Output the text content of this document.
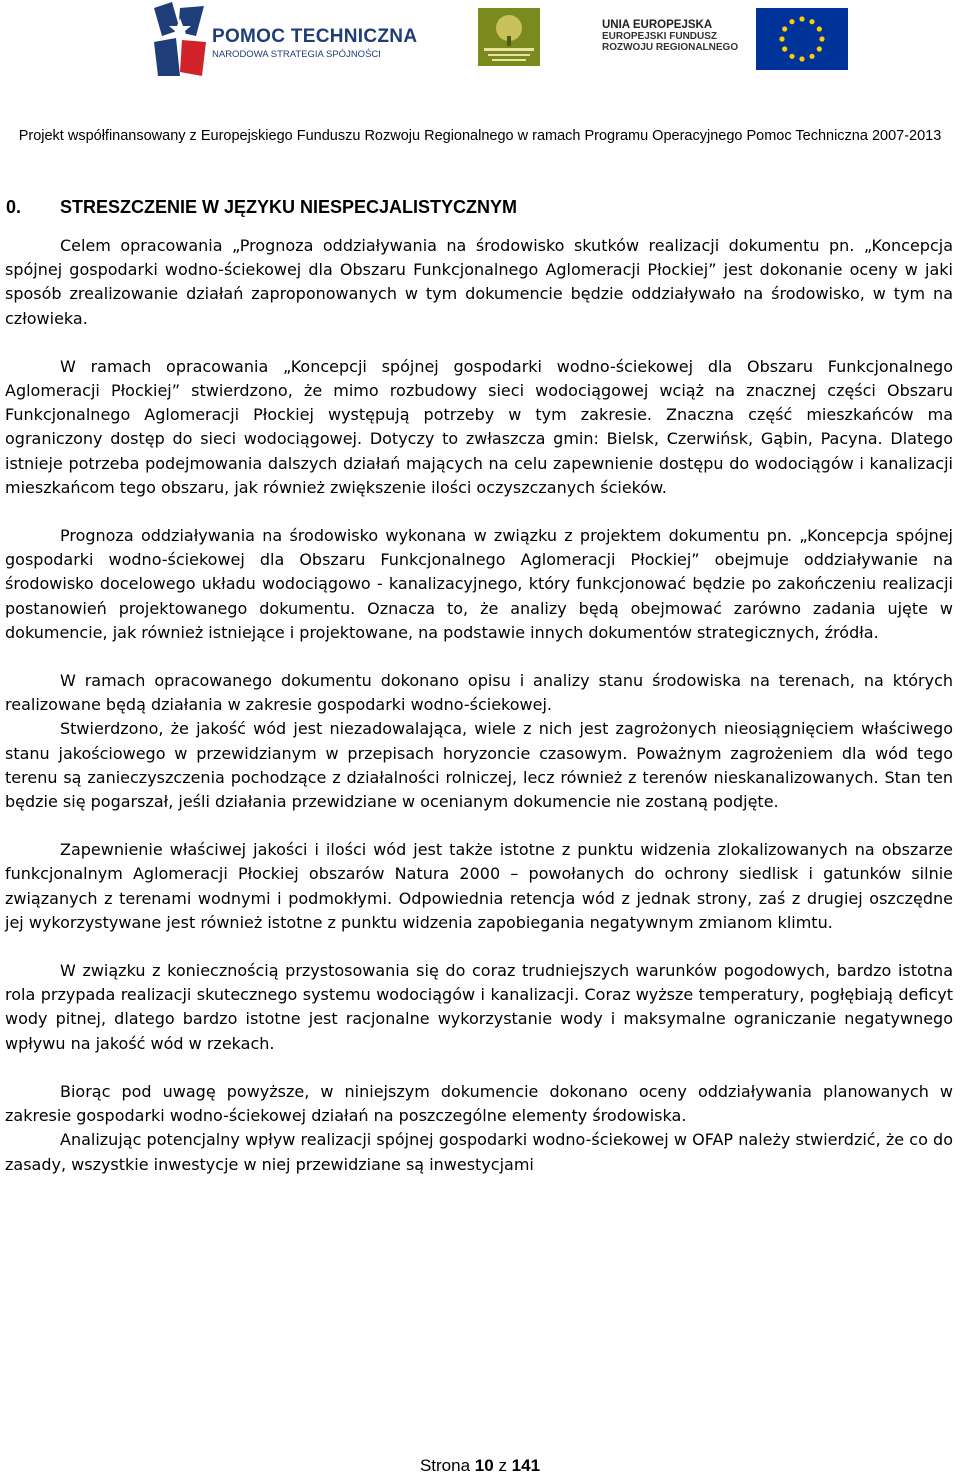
POMOC TECHNICZNA
NARODOWA STRATEGIA SPÓJNOŚCI
UNIA EUROPEJSKA
EUROPEJSKI FUNDUSZ
ROZWOJU REGIONALNEGO
Projekt współfinansowany z Europejskiego Funduszu Rozwoju Regionalnego w ramach Programu Operacyjnego Pomoc Techniczna 2007-2013
0. STRESZCZENIE W JĘZYKU NIESPECJALISTYCZNYM

Celem opracowania „Prognoza oddziaływania na środowisko skutków realizacji dokumentu pn. „Koncepcja spójnej gospodarki wodno-ściekowej dla Obszaru Funkcjonalnego Aglomeracji Płockiej” jest dokonanie oceny w jaki sposób zrealizowanie działań zaproponowanych w tym dokumencie będzie oddziaływało na środowisko, w tym na człowieka.

W ramach opracowania „Koncepcji spójnej gospodarki wodno-ściekowej dla Obszaru Funkcjonalnego Aglomeracji Płockiej” stwierdzono, że mimo rozbudowy sieci wodociągowej wciąż na znacznej części Obszaru Funkcjonalnego Aglomeracji Płockiej występują potrzeby w tym zakresie. Znaczna część mieszkańców ma ograniczony dostęp do sieci wodociągowej. Dotyczy to zwłaszcza gmin: Bielsk, Czerwińsk, Gąbin, Pacyna. Dlatego istnieje potrzeba podejmowania dalszych działań mających na celu zapewnienie dostępu do wodociągów i kanalizacji mieszkańcom tego obszaru, jak również zwiększenie ilości oczyszczanych ścieków.

Prognoza oddziaływania na środowisko wykonana w związku z projektem dokumentu pn. „Koncepcja spójnej gospodarki wodno-ściekowej dla Obszaru Funkcjonalnego Aglomeracji Płockiej” obejmuje oddziaływanie na środowisko docelowego układu wodociągowo - kanalizacyjnego, który funkcjonować będzie po zakończeniu realizacji postanowień projektowanego dokumentu. Oznacza to, że analizy będą obejmować zarówno zadania ujęte w dokumencie, jak również istniejące i projektowane, na podstawie innych dokumentów strategicznych, źródła.

W ramach opracowanego dokumentu dokonano opisu i analizy stanu środowiska na terenach, na których realizowane będą działania w zakresie gospodarki wodno-ściekowej.

Stwierdzono, że jakość wód jest niezadowalająca, wiele z nich jest zagrożonych nieosiągnięciem właściwego stanu jakościowego w przewidzianym w przepisach horyzoncie czasowym. Poważnym zagrożeniem dla wód tego terenu są zanieczyszczenia pochodzące z działalności rolniczej, lecz również z terenów nieskanalizowanych. Stan ten będzie się pogarszał, jeśli działania przewidziane w ocenianym dokumencie nie zostaną podjęte.

Zapewnienie właściwej jakości i ilości wód jest także istotne z punktu widzenia zlokalizowanych na obszarze funkcjonalnym Aglomeracji Płockiej obszarów Natura 2000 – powołanych do ochrony siedlisk i gatunków silnie związanych z terenami wodnymi i podmokłymi. Odpowiednia retencja wód z jednak strony, zaś z drugiej oszczędne jej wykorzystywane jest również istotne z punktu widzenia zapobiegania negatywnym zmianom klimtu.

W związku z koniecznością przystosowania się do coraz trudniejszych warunków pogodowych, bardzo istotna rola przypada realizacji skutecznego systemu wodociągów i kanalizacji. Coraz wyższe temperatury, pogłębiają deficyt wody pitnej, dlatego bardzo istotne jest racjonalne wykorzystanie wody i maksymalne ograniczanie negatywnego wpływu na jakość wód w rzekach.

Biorąc pod uwagę powyższe, w niniejszym dokumencie dokonano oceny oddziaływania planowanych w zakresie gospodarki wodno-ściekowej działań na poszczególne elementy środowiska.

Analizując potencjalny wpływ realizacji spójnej gospodarki wodno-ściekowej w OFAP należy stwierdzić, że co do zasady, wszystkie inwestycje w niej przewidziane są inwestycjami

Strona 10 z 141
